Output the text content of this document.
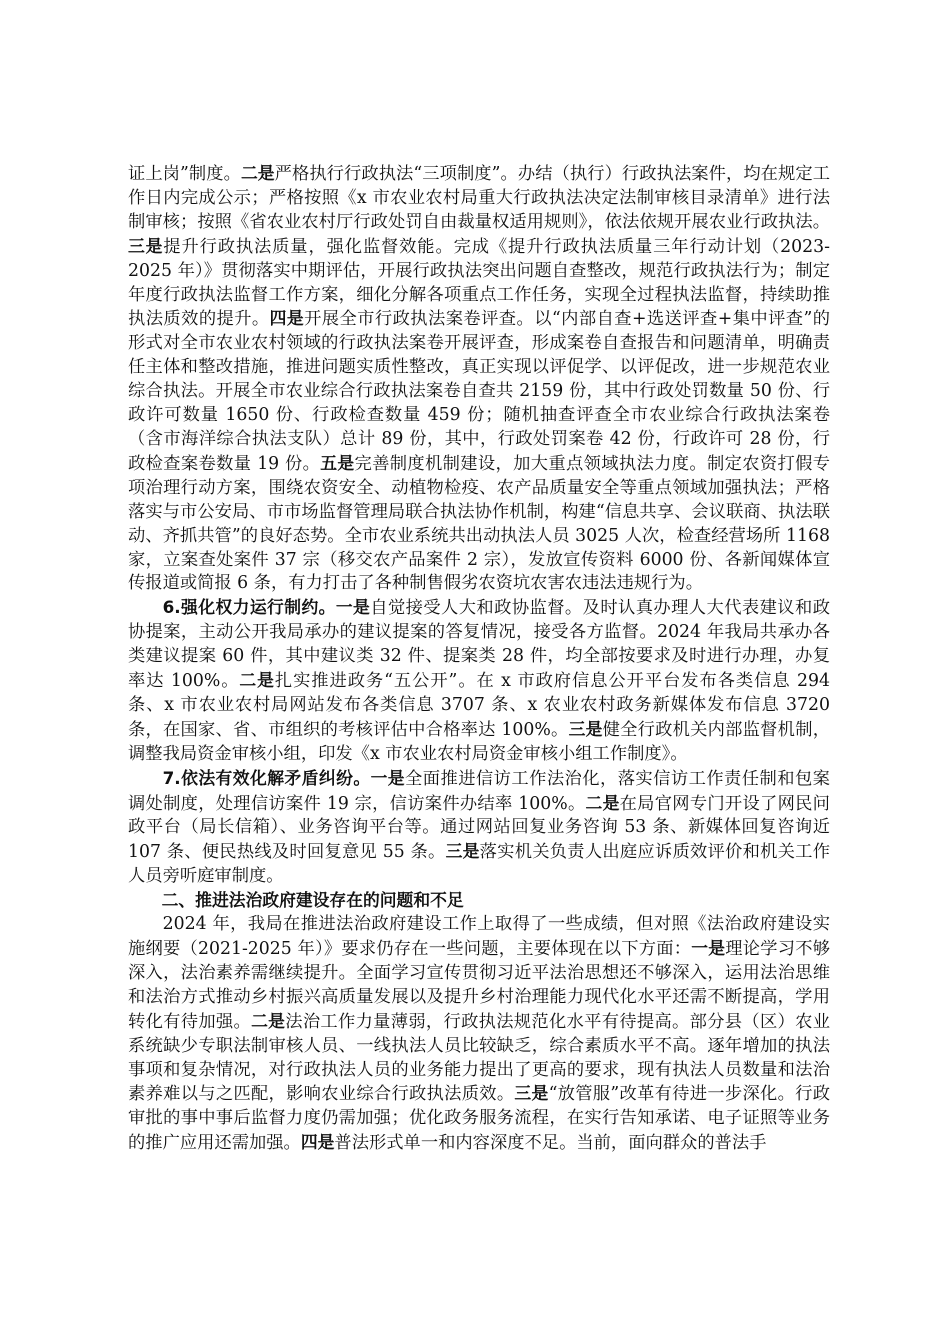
证上岗”制度。二是严格执行行政执法“三项制度”。办结（执行）行政执法案件，均在规定工作日内完成公示；严格按照《x 市农业农村局重大行政执法决定法制审核目录清单》进行法制审核；按照《省农业农村厅行政处罚自由裁量权适用规则》，依法依规开展农业行政执法。三是提升行政执法质量，强化监督效能。完成《提升行政执法质量三年行动计划（2023-2025 年）》贯彻落实中期评估，开展行政执法突出问题自查整改，规范行政执法行为；制定年度行政执法监督工作方案，细化分解各项重点工作任务，实现全过程执法监督，持续助推执法质效的提升。四是开展全市行政执法案卷评查。以“内部自查+选送评查+集中评查”的形式对全市农业农村领域的行政执法案卷开展评查，形成案卷自查报告和问题清单，明确责任主体和整改措施，推进问题实质性整改，真正实现以评促学、以评促改，进一步规范农业综合执法。开展全市农业综合行政执法案卷自查共 2159 份，其中行政处罚数量 50 份、行政许可数量 1650 份、行政检查数量 459 份；随机抽查评查全市农业综合行政执法案卷（含市海洋综合执法支队）总计 89 份，其中，行政处罚案卷 42 份，行政许可 28 份，行政检查案卷数量 19 份。五是完善制度机制建设，加大重点领域执法力度。制定农资打假专项治理行动方案，围绕农资安全、动植物检疫、农产品质量安全等重点领域加强执法；严格落实与市公安局、市市场监督管理局联合执法协作机制，构建“信息共享、会议联商、执法联动、齐抓共管”的良好态势。全市农业系统共出动执法人员 3025 人次，检查经营场所 1168 家，立案查处案件 37 宗（移交农产品案件 2 宗），发放宣传资料 6000 份、各新闻媒体宣传报道或简报 6 条，有力打击了各种制售假劣农资坑农害农违法违规行为。

6.强化权力运行制约。一是自觉接受人大和政协监督。及时认真办理人大代表建议和政协提案，主动公开我局承办的建议提案的答复情况，接受各方监督。2024 年我局共承办各类建议提案 60 件，其中建议类 32 件、提案类 28 件，均全部按要求及时进行办理，办复率达 100%。二是扎实推进政务“五公开”。在 x 市政府信息公开平台发布各类信息 294 条、x 市农业农村局网站发布各类信息 3707 条、x 农业农村政务新媒体发布信息 3720 条，在国家、省、市组织的考核评估中合格率达 100%。三是健全行政机关内部监督机制，调整我局资金审核小组，印发《x 市农业农村局资金审核小组工作制度》。

7.依法有效化解矛盾纠纷。一是全面推进信访工作法治化，落实信访工作责任制和包案调处制度，处理信访案件 19 宗，信访案件办结率 100%。二是在局官网专门开设了网民问政平台（局长信箱）、业务咨询平台等。通过网站回复业务咨询 53 条、新媒体回复咨询近 107 条、便民热线及时回复意见 55 条。三是落实机关负责人出庭应诉质效评价和机关工作人员旁听庭审制度。

二、推进法治政府建设存在的问题和不足

2024 年，我局在推进法治政府建设工作上取得了一些成绩，但对照《法治政府建设实施纲要（2021-2025 年）》要求仍存在一些问题，主要体现在以下方面：一是理论学习不够深入，法治素养需继续提升。全面学习宣传贯彻习近平法治思想还不够深入，运用法治思维和法治方式推动乡村振兴高质量发展以及提升乡村治理能力现代化水平还需不断提高，学用转化有待加强。二是法治工作力量薄弱，行政执法规范化水平有待提高。部分县（区）农业系统缺少专职法制审核人员、一线执法人员比较缺乏，综合素质水平不高。逐年增加的执法事项和复杂情况，对行政执法人员的业务能力提出了更高的要求，现有执法人员数量和法治素养难以与之匹配，影响农业综合行政执法质效。三是“放管服”改革有待进一步深化。行政审批的事中事后监督力度仍需加强；优化政务服务流程，在实行告知承诺、电子证照等业务的推广应用还需加强。四是普法形式单一和内容深度不足。当前，面向群众的普法手
